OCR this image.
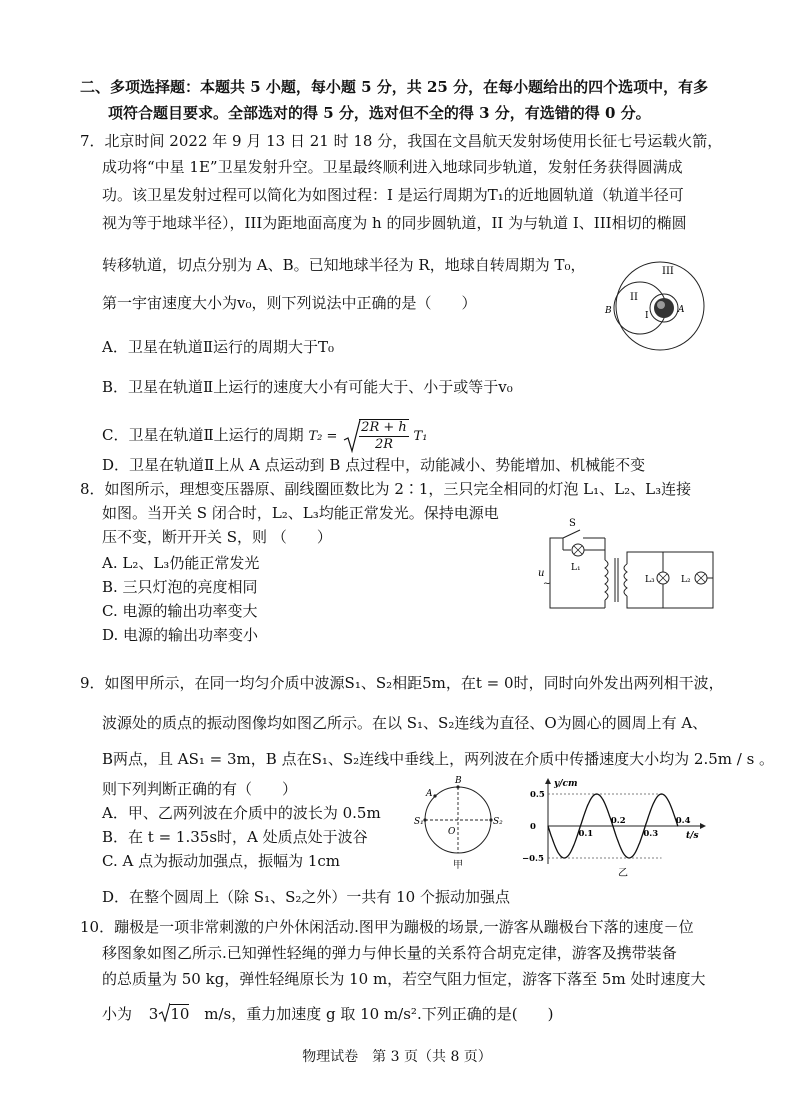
二、多项选择题：本题共 5 小题，每小题 5 分，共 25 分，在每小题给出的四个选项中，有多
项符合题目要求。全部选对的得 5 分，选对但不全的得 3 分，有选错的得 0 分。
7．北京时间 2022 年 9 月 13 日 21 时 18 分，我国在文昌航天发射场使用长征七号运载火箭，
成功将“中星 1E”卫星发射升空。卫星最终顺利进入地球同步轨道，发射任务获得圆满成
功。该卫星发射过程可以简化为如图过程：I 是运行周期为T₁的近地圆轨道（轨道半径可
视为等于地球半径），III为距地面高度为 h 的同步圆轨道，II 为与轨道 I、III相切的椭圆
转移轨道，切点分别为 A、B。已知地球半径为 R，地球自转周期为 T₀，
第一宇宙速度大小为v₀，则下列说法中正确的是（　　）
A．卫星在轨道Ⅱ运行的周期大于T₀
B．卫星在轨道Ⅱ上运行的速度大小有可能大于、小于或等于v₀
C．卫星在轨道Ⅱ上运行的周期 $T_2 = \frac{2R + h}{2R} T_1$
D．卫星在轨道Ⅱ上从 A 点运动到 B 点过程中，动能减小、势能增加、机械能不变
III
II
I
A
B
8．如图所示，理想变压器原、副线圈匝数比为 2∶1，三只完全相同的灯泡 L₁、L₂、L₃连接
如图。当开关 S 闭合时，L₂、L₃均能正常发光。保持电源电
压不变，断开开关 S，则 （　　）
A. L₂、L₃仍能正常发光
B. 三只灯泡的亮度相同
C. 电源的输出功率变大
D. 电源的输出功率变小
S
L₁
L₃	L₂
u
~
9．如图甲所示，在同一均匀介质中波源S₁、S₂相距5m，在t = 0时，同时向外发出两列相干波，
波源处的质点的振动图像均如图乙所示。在以 S₁、S₂连线为直径、O为圆心的圆周上有 A、
B两点，且 AS₁ = 3m，B 点在S₁、S₂连线中垂线上，两列波在介质中传播速度大小均为 2.5m / s 。
则下列判断正确的有（　　）
A．甲、乙两列波在介质中的波长为 0.5m
B．在 t = 1.35s时，A 处质点处于波谷
C. A 点为振动加强点，振幅为 1cm
D．在整个圆周上（除 S₁、S₂之外）一共有 10 个振动加强点
A
B
S₁	S₂
O
甲
0.5
0
−0.5
0.1
0.2
0.3
0.4
y/cm
t/s
乙
10．蹦极是一项非常刺激的户外休闲活动.图甲为蹦极的场景,一游客从蹦极台下落的速度－位
移图象如图乙所示.已知弹性轻绳的弹力与伸长量的关系符合胡克定律，游客及携带装备
的总质量为 50 kg，弹性轻绳原长为 10 m，若空气阻力恒定，游客下落至 5m 处时速度大
小为 3 10 m/s，重力加速度 g 取 10 m/s².下列正确的是(　　)
物理试卷　第 3 页（共 8 页）
